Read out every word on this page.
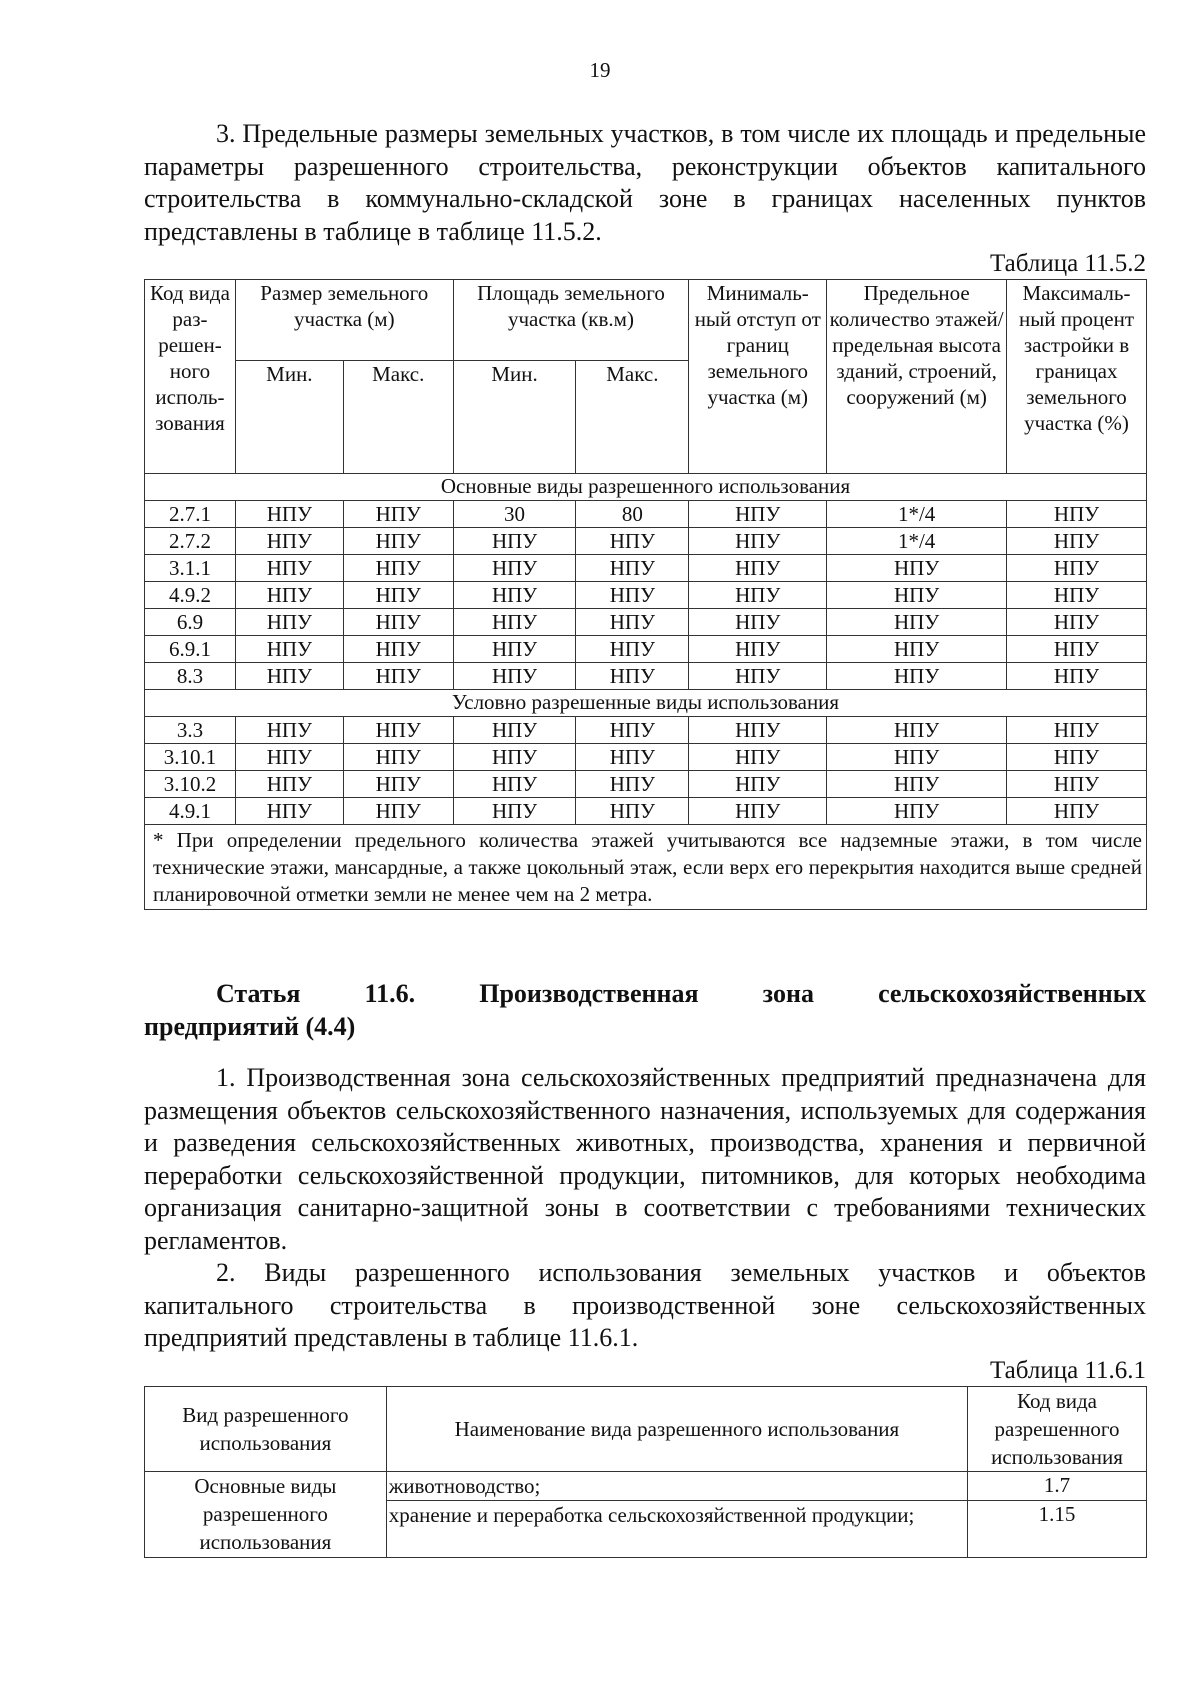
19
3. Предельные размеры земельных участков, в том числе их площадь и предельные параметры разрешенного строительства, реконструкции объектов капитального строительства в коммунально-складской зоне в границах населенных пунктов представлены в таблице в таблице 11.5.2.
Таблица 11.5.2
Код вида раз- решен- ного исполь- зования	Размер земельного участка (м)		Площадь земельного участка (кв.м)		Минималь- ный отступ от границ земельного участка (м)	Предельное количество этажей/ предельная высота зданий, строений, сооружений (м)	Максималь- ный процент застройки в границах земельного участка (%)
	Мин.	Макс.	Мин.	Макс.			
Основные виды разрешенного использования							
2.7.1	НПУ	НПУ	30	80	НПУ	1*/4	НПУ
2.7.2	НПУ	НПУ	НПУ	НПУ	НПУ	1*/4	НПУ
3.1.1	НПУ	НПУ	НПУ	НПУ	НПУ	НПУ	НПУ
4.9.2	НПУ	НПУ	НПУ	НПУ	НПУ	НПУ	НПУ
6.9	НПУ	НПУ	НПУ	НПУ	НПУ	НПУ	НПУ
6.9.1	НПУ	НПУ	НПУ	НПУ	НПУ	НПУ	НПУ
8.3	НПУ	НПУ	НПУ	НПУ	НПУ	НПУ	НПУ
Условно разрешенные виды использования							
3.3	НПУ	НПУ	НПУ	НПУ	НПУ	НПУ	НПУ
3.10.1	НПУ	НПУ	НПУ	НПУ	НПУ	НПУ	НПУ
3.10.2	НПУ	НПУ	НПУ	НПУ	НПУ	НПУ	НПУ
4.9.1	НПУ	НПУ	НПУ	НПУ	НПУ	НПУ	НПУ
* При определении предельного количества этажей учитываются все надземные этажи, в том числе технические этажи, мансардные, а также цокольный этаж, если верх его перекрытия находится выше средней планировочной отметки земли не менее чем на 2 метра.							
Статья 11.6. Производственная зона сельскохозяйственных
предприятий (4.4)
1. Производственная зона сельскохозяйственных предприятий предназначена для размещения объектов сельскохозяйственного назначения, используемых для содержания и разведения сельскохозяйственных животных, производства, хранения и первичной переработки сельскохозяйственной продукции, питомников, для которых необходима организация санитарно-защитной зоны в соответствии с требованиями технических регламентов.
2. Виды разрешенного использования земельных участков и объектов капитального строительства в производственной зоне сельскохозяйственных предприятий представлены в таблице 11.6.1.
Таблица 11.6.1
Вид разрешенного использования	Наименование вида разрешенного использования	Код вида разрешенного использования
Основные виды разрешенного использования	животноводство;	1.7
	хранение и переработка сельскохозяйственной продукции;	1.15
